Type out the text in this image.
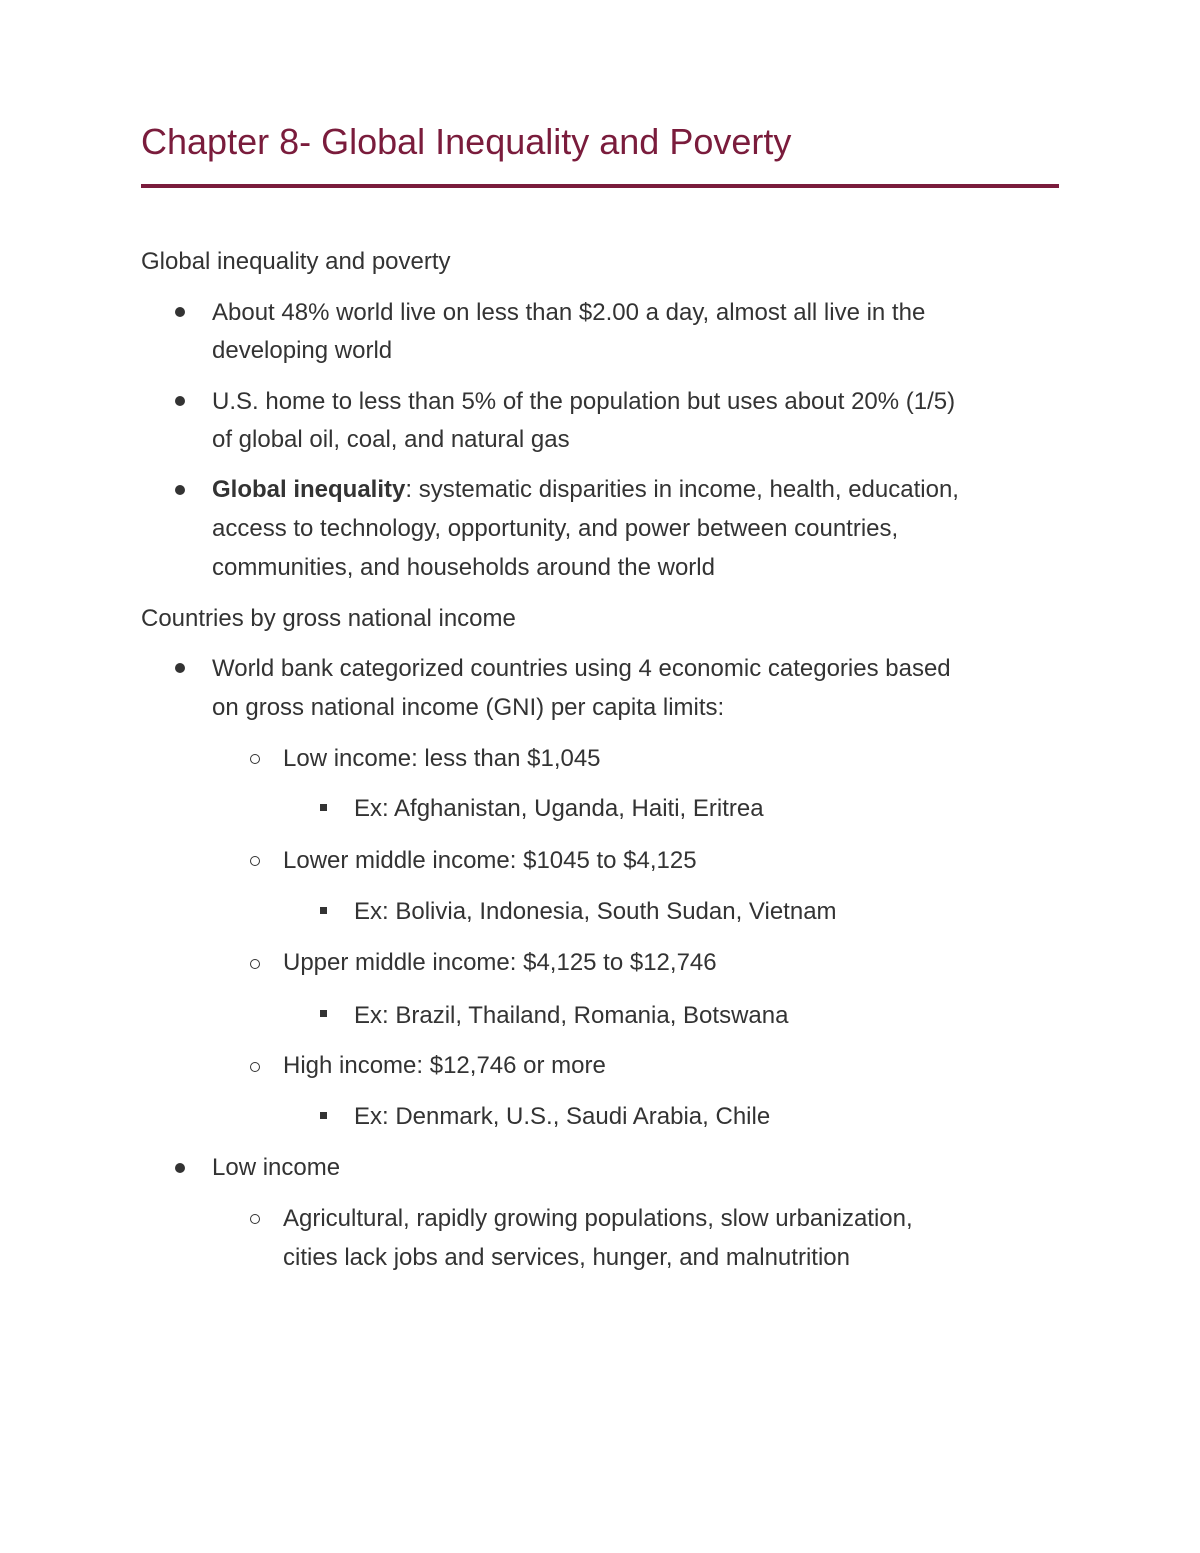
Chapter 8- Global Inequality and Poverty
Global inequality and poverty
About 48% world live on less than $2.00 a day, almost all live in the
developing world
U.S. home to less than 5% of the population but uses about 20% (1/5)
of global oil, coal, and natural gas
Global inequality: systematic disparities in income, health, education,
access to technology, opportunity, and power between countries,
communities, and households around the world
Countries by gross national income
World bank categorized countries using 4 economic categories based
on gross national income (GNI) per capita limits:
Low income: less than $1,045
Ex: Afghanistan, Uganda, Haiti, Eritrea
Lower middle income: $1045 to $4,125
Ex: Bolivia, Indonesia, South Sudan, Vietnam
Upper middle income: $4,125 to $12,746
Ex: Brazil, Thailand, Romania, Botswana
High income: $12,746 or more
Ex: Denmark, U.S., Saudi Arabia, Chile
Low income
Agricultural, rapidly growing populations, slow urbanization,
cities lack jobs and services, hunger, and malnutrition
